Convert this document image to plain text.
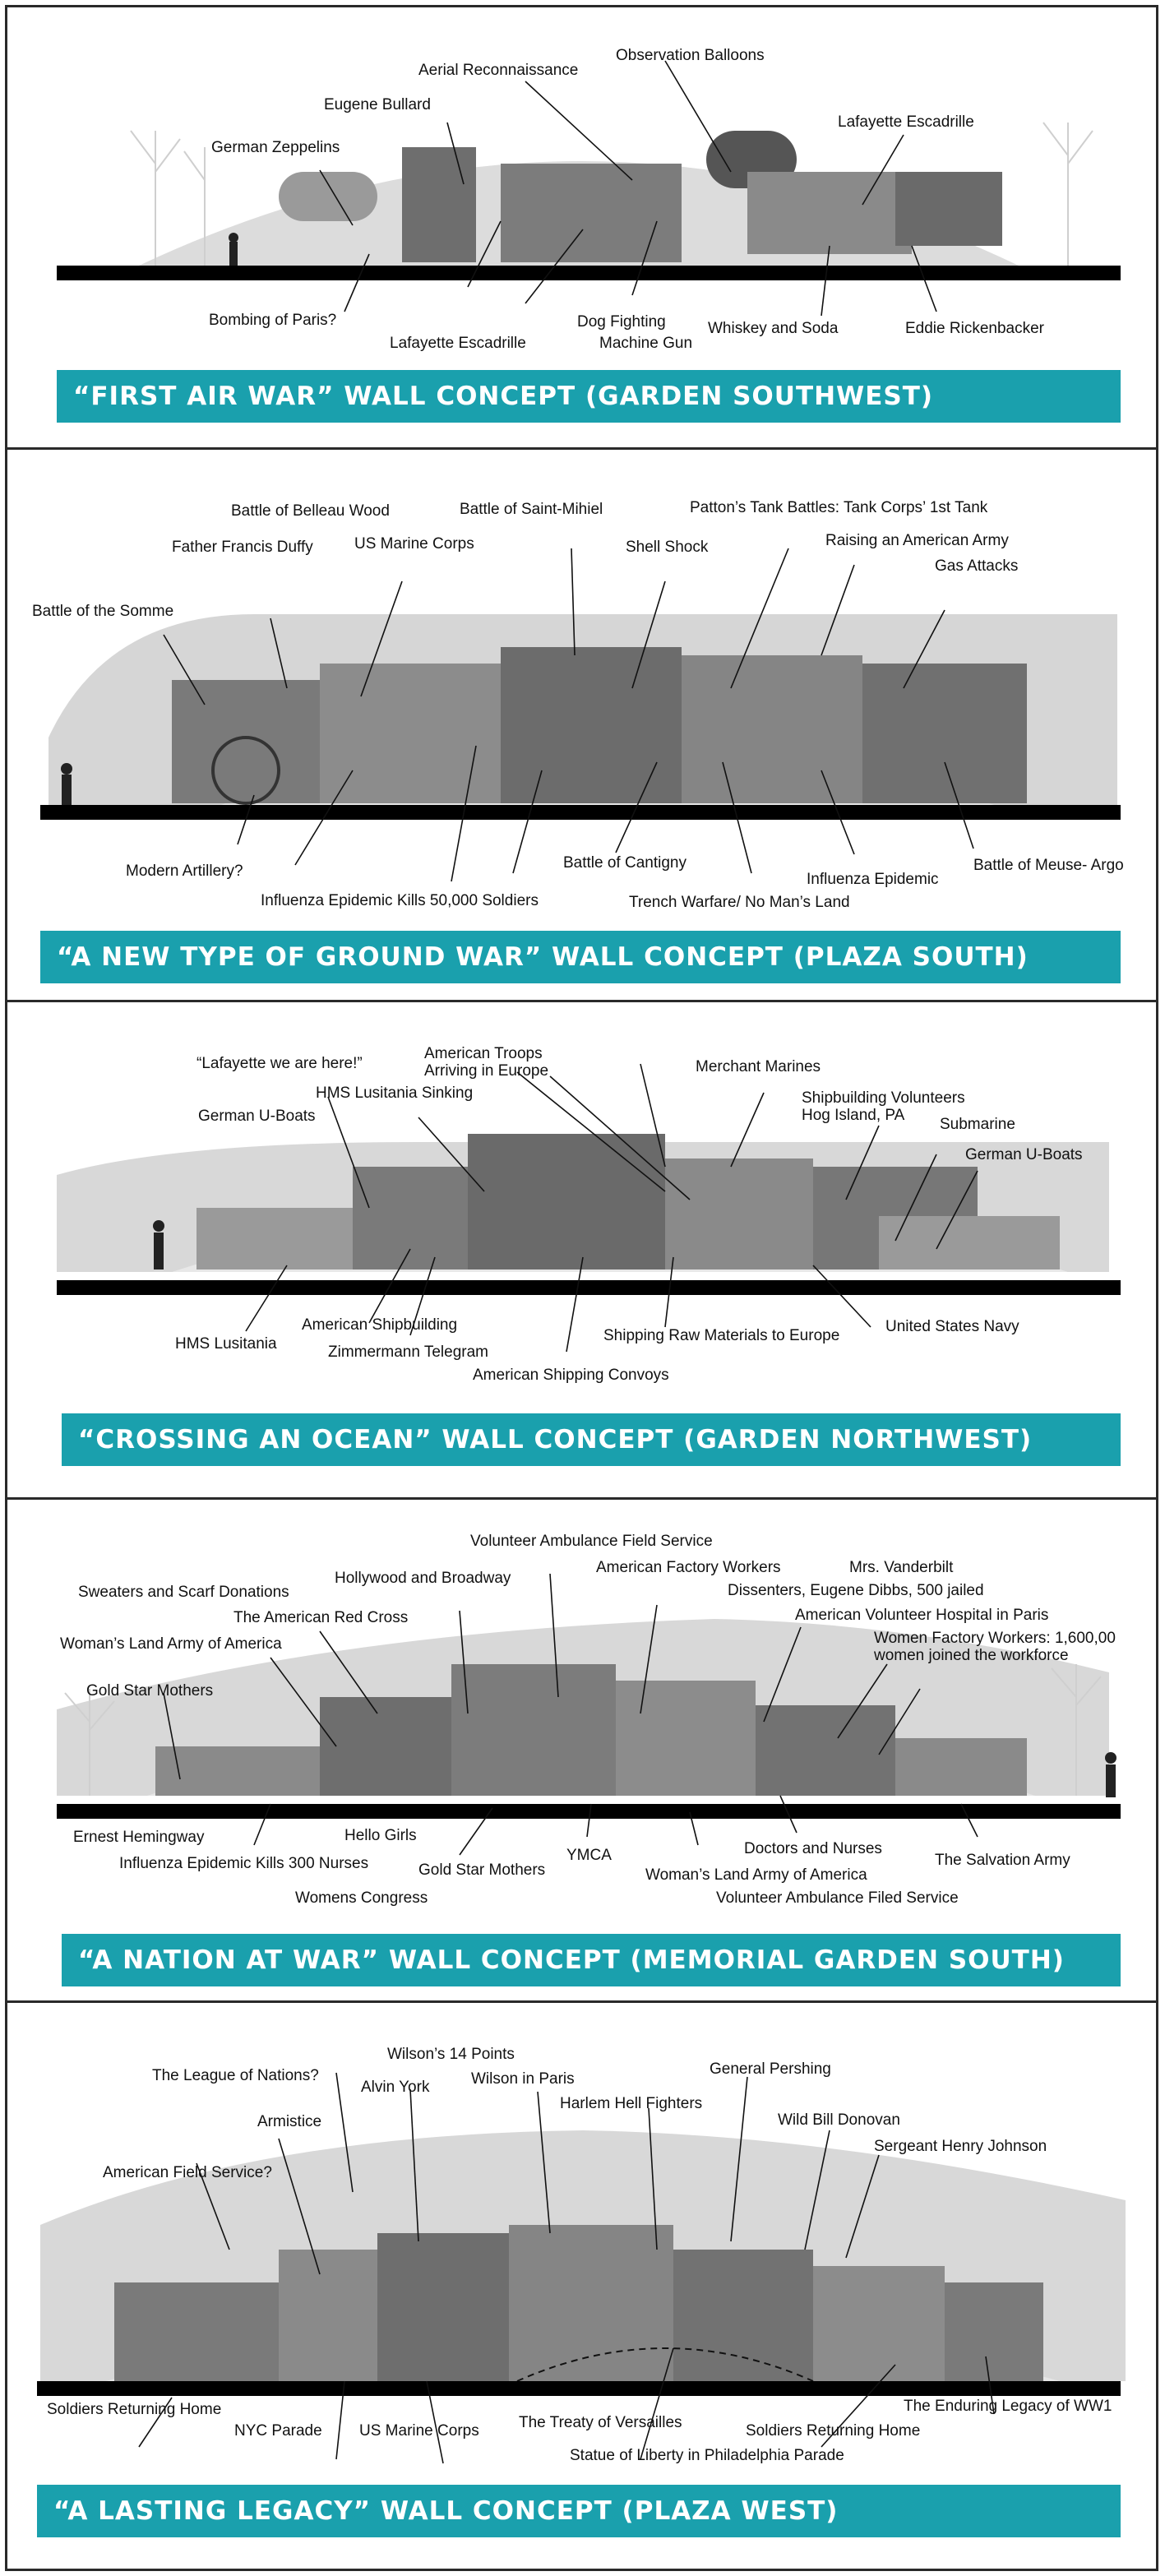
Aerial Reconnaissance
Observation Balloons
Eugene Bullard
Lafayette Escadrille
German Zeppelins
Bombing of Paris?
Lafayette Escadrille
Dog Fighting
Machine Gun
Whiskey and Soda	Eddie Rickenbacker
“FIRST AIR WAR” WALL CONCEPT (GARDEN SOUTHWEST)
Battle of Belleau Wood	Battle of Saint-Mihiel	Patton’s Tank Battles: Tank Corps’ 1st Tank
Father Francis Duffy	US Marine Corps	Shell Shock	Raising an American Army
Gas Attacks
Battle of the Somme
Modern Artillery?
Influenza Epidemic Kills 50,000 Soldiers
Battle of Cantigny
Trench Warfare/ No Man’s Land
Influenza Epidemic
Battle of Meuse- Argo
“A NEW TYPE OF GROUND WAR” WALL CONCEPT (PLAZA SOUTH)
American Troops
Arriving in Europe
“Lafayette we are here!”	Merchant Marines
HMS Lusitania Sinking	Shipbuilding Volunteers
Hog Island, PA
German U-Boats	Submarine
German U-Boats
HMS Lusitania
American Shipbuilding
Zimmermann Telegram
Shipping Raw Materials to Europe
United States Navy
American Shipping Convoys
“CROSSING AN OCEAN” WALL CONCEPT (GARDEN NORTHWEST)
Volunteer Ambulance Field Service
Hollywood and Broadway
American Factory Workers	Mrs. Vanderbilt
Sweaters and Scarf Donations	Dissenters, Eugene Dibbs, 500 jailed
The American Red Cross	American Volunteer Hospital in Paris
Woman’s Land Army of America	Women Factory Workers: 1,600,00
women joined the workforce
Gold Star Mothers
Ernest Hemingway	Hello Girls
Influenza Epidemic Kills 300 Nurses	YMCA	Doctors and Nurses
The Salvation Army
Gold Star Mothers	Woman’s Land Army of America
Womens Congress	Volunteer Ambulance Filed Service
“A NATION AT WAR” WALL CONCEPT (MEMORIAL GARDEN SOUTH)
Wilson’s 14 Points
General Pershing
The League of Nations?
Alvin York	Wilson in Paris
Harlem Hell Fighters
Armistice	Wild Bill Donovan
Sergeant Henry Johnson
American Field Service?
The Enduring Legacy of WW1
Soldiers Returning Home
NYC Parade US Marine Corps	The Treaty of Versailles	Soldiers Returning Home
Statue of Liberty in Philadelphia Parade
“A LASTING LEGACY” WALL CONCEPT (PLAZA WEST)
